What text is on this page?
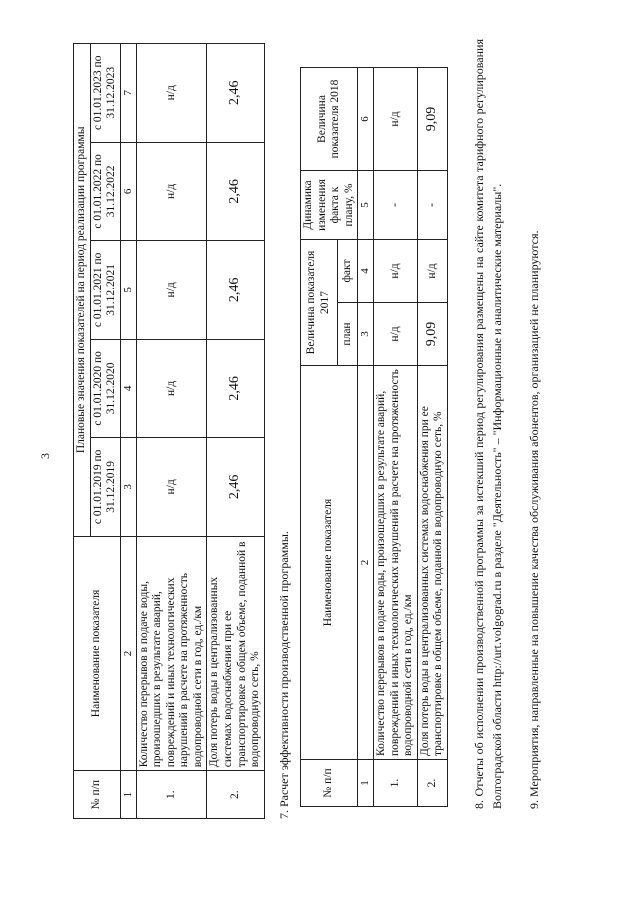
3
№ п/п	Наименование показателя	Плановые значения показателей на период реализации программы				
		с 01.01.2019 по 31.12.2019	с 01.01.2020 по 31.12.2020	с 01.01.2021 по 31.12.2021	с 01.01.2022 по 31.12.2022	с 01.01.2023 по 31.12.2023
1	2	3	4	5	6	7
1.	Количество перерывов в подаче воды, произошедших в результате аварий, повреждений и иных технологических нарушений в расчете на протяженность водопроводной сети в год, ед./км	н/д	н/д	н/д	н/д	н/д
2.	Доля потерь воды в централизованных системах водоснабжения при ее транспортировке в общем объеме, поданной в водопроводную сеть, %	2,46	2,46	2,46	2,46	2,46
7. Расчет эффективности производственной программы.	№ п/п	Наименование показателя	Величина показателя 2017		Динамика изменения факта к плану, %	Величина показателя 2018
		план	факт		
1	2	3	4	5	6
1.	Количество перерывов в подаче воды, произошедших в результате аварий, повреждений и иных технологических нарушений в расчете на протяженность водопроводной сети в год, ед./км	н/д	н/д	-	н/д
2.	Доля потерь воды в централизованных системах водоснабжения при ее транспортировке в общем объеме, поданной в водопроводную сеть, %	9,09	н/д	-	9,09	8. Отчеты об исполнении производственной программы за истекший период регулирования размещены на сайте комитета тарифного регулирования Волгоградской области http://urt.volgograd.ru в разделе "Деятельность" – "Информационные и аналитические материалы". 9. Мероприятия, направленные на повышение качества обслуживания абонентов, организацией не планируются.
